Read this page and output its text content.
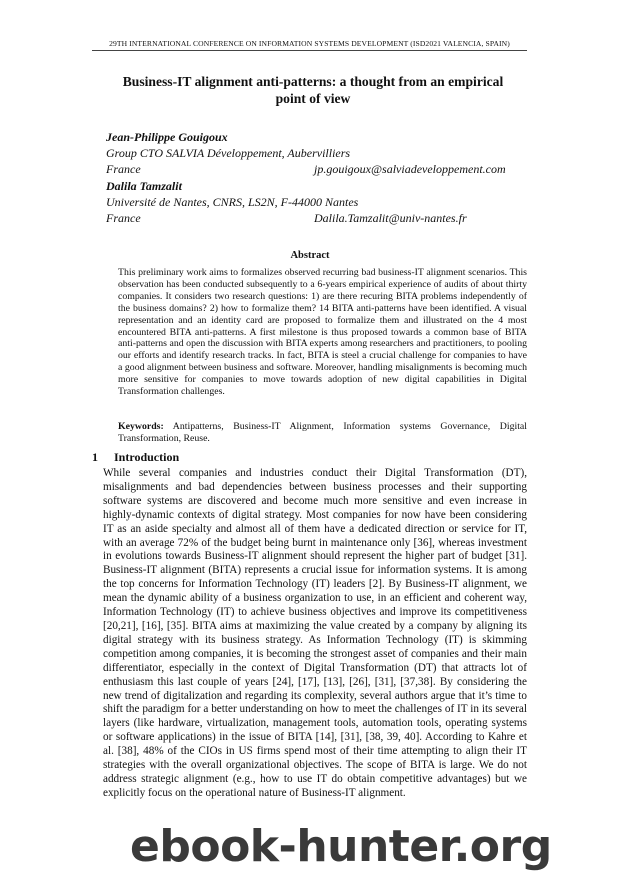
29TH INTERNATIONAL CONFERENCE ON INFORMATION SYSTEMS DEVELOPMENT (ISD2021 VALENCIA, SPAIN)
Business-IT alignment anti-patterns: a thought from an empirical point of view
Jean-Philippe Gouigoux
Group CTO SALVIA Développement, Aubervilliers
France	jp.gouigoux@salviadeveloppement.com
Dalila Tamzalit
Université de Nantes, CNRS, LS2N, F-44000 Nantes
France	Dalila.Tamzalit@univ-nantes.fr
Abstract
This preliminary work aims to formalizes observed recurring bad business-IT alignment scenarios. This observation has been conducted subsequently to a 6-years empirical experience of audits of about thirty companies. It considers two research questions: 1) are there recuring BITA problems independently of the business domains? 2) how to formalize them? 14 BITA anti-patterns have been identified. A visual representation and an identity card are proposed to formalize them and illustrated on the 4 most encountered BITA anti-patterns. A first milestone is thus proposed towards a common base of BITA anti-patterns and open the discussion with BITA experts among researchers and practitioners, to pooling our efforts and identify research tracks. In fact, BITA is steel a crucial challenge for companies to have a good alignment between business and software. Moreover, handling misalignments is becoming much more sensitive for companies to move towards adoption of new digital capabilities in Digital Transformation challenges.
Keywords: Antipatterns, Business-IT Alignment, Information systems Governance, Digital Transformation, Reuse.
1 Introduction
While several companies and industries conduct their Digital Transformation (DT), misalignments and bad dependencies between business processes and their supporting software systems are discovered and become much more sensitive and even increase in highly-dynamic contexts of digital strategy. Most companies for now have been considering IT as an aside specialty and almost all of them have a dedicated direction or service for IT, with an average 72% of the budget being burnt in maintenance only [36], whereas investment in evolutions towards Business-IT alignment should represent the higher part of budget [31]. Business-IT alignment (BITA) represents a crucial issue for information systems. It is among the top concerns for Information Technology (IT) leaders [2]. By Business-IT alignment, we mean the dynamic ability of a business organization to use, in an efficient and coherent way, Information Technology (IT) to achieve business objectives and improve its competitiveness [20,21], [16], [35]. BITA aims at maximizing the value created by a company by aligning its digital strategy with its business strategy. As Information Technology (IT) is skimming competition among companies, it is becoming the strongest asset of companies and their main differentiator, especially in the context of Digital Transformation (DT) that attracts lot of enthusiasm this last couple of years [24], [17], [13], [26], [31], [37,38]. By considering the new trend of digitalization and regarding its complexity, several authors argue that it’s time to shift the paradigm for a better understanding on how to meet the challenges of IT in its several layers (like hardware, virtualization, management tools, automation tools, operating systems or software applications) in the issue of BITA [14], [31], [38, 39, 40]. According to Kahre et al. [38], 48% of the CIOs in US firms spend most of their time attempting to align their IT strategies with the overall organizational objectives. The scope of BITA is large. We do not address strategic alignment (e.g., how to use IT do obtain competitive advantages) but we explicitly focus on the operational nature of Business-IT alignment.
ebook-hunter.org
